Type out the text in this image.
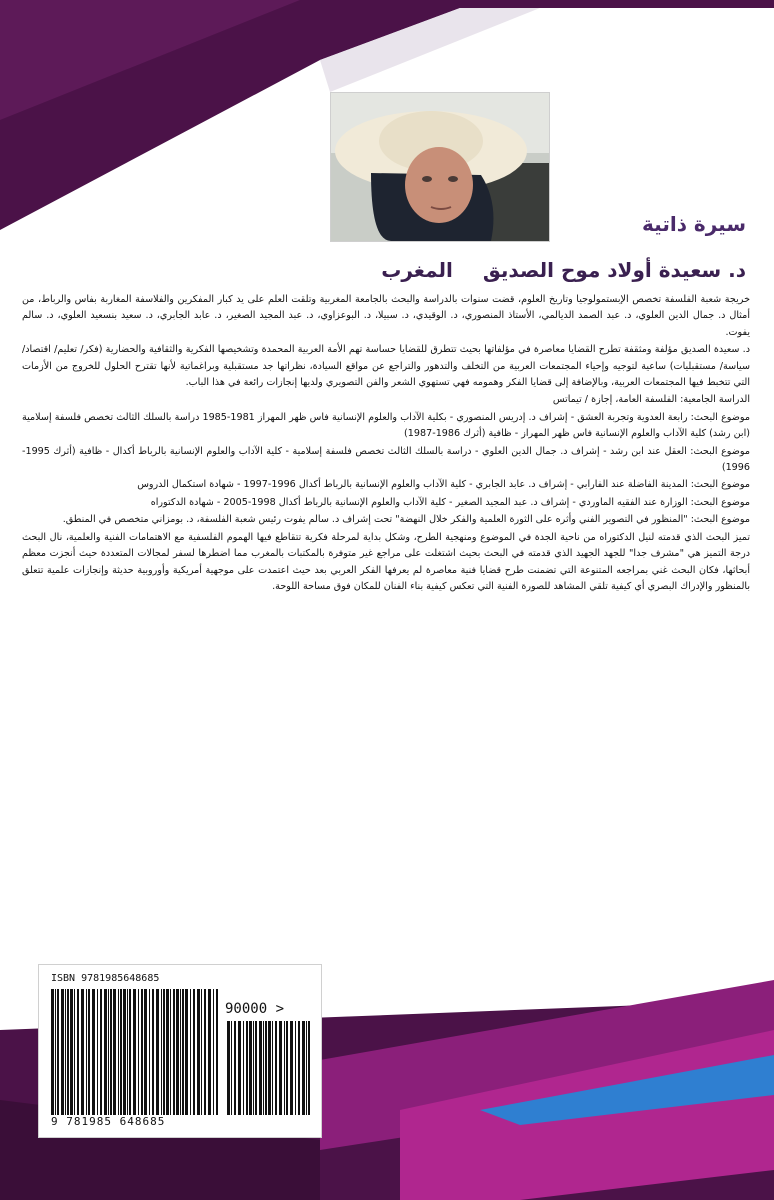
سيرة ذاتية
د. سعيدة أولاد موح الصديق
المغرب

خريجة شعبة الفلسفة تخصص الإبستمولوجيا وتاريخ العلوم، قضت سنوات بالدراسة والبحث بالجامعة المغربية وتلقت العلم على يد كبار المفكرين والفلاسفة المغاربة بفاس والرباط، من أمثال د. جمال الدين العلوي، د. عبد الصمد الديالمي، الأستاذ المنصوري، د. الوقيدي، د. سبيلا، د. البوعزاوي، د. عبد المجيد الصغير، د. عابد الجابري، د. سعيد بنسعيد العلوي، د. سالم يفوت.

د. سعيدة الصديق مؤلفة ومثقفة تطرح القضايا معاصرة في مؤلفاتها بحيث تتطرق للقضايا حساسة تهم الأمة العربية المحمدة وتشخيصها الفكرية والثقافية والحضارية (فكر/ تعليم/ اقتصاد/ سياسة/ مستقبليات) ساعية لتوجيه وإحياء المجتمعات العربية من التخلف والتدهور والتراجع عن مواقع السيادة، نظراتها جد مستقبلية وبراغماتية لأنها تقترح الحلول للخروج من الأزمات التي تتخبط فيها المجتمعات العربية، وبالإضافة إلى قضايا الفكر وهمومه فهي تستهوي الشعر والفن التصويري ولديها إنجازات رائعة في هذا الباب.

الدراسة الجامعية: الفلسفة العامة، إجازة / تيماتس

موضوع البحث: رابعة العدوية وتجربة العشق - إشراف د. إدريس المنصوري - بكلية الآداب والعلوم الإنسانية فاس ظهر المهراز 1981-1985 دراسة بالسلك الثالث تخصص فلسفة إسلامية (ابن رشد) كلية الآداب والعلوم الإنسانية فاس ظهر المهراز - ظافية (أثرك 1986-1987)

موضوع البحث: العقل عند ابن رشد - إشراف د. جمال الدين العلوي - دراسة بالسلك الثالث تخصص فلسفة إسلامية - كلية الآداب والعلوم الإنسانية بالرباط أكدال - ظافية (أثرك 1995-1996)

موضوع البحث: المدينة الفاضلة عند الفارابي - إشراف د. عابد الجابري - كلية الآداب والعلوم الإنسانية بالرباط أكدال 1996-1997 - شهادة استكمال الدروس

موضوع البحث: الوزارة عند الفقيه الماوردي - إشراف د. عبد المجيد الصغير - كلية الآداب والعلوم الإنسانية بالرباط أكدال 1998-2005 - شهادة الدكتوراه

موضوع البحث: "المنظور في التصوير الفني وأثره على الثورة العلمية والفكر خلال النهضة" تحت إشراف د. سالم يفوت رئيس شعبة الفلسفة، د. بومزاني متخصص في المنطق.

تميز البحث الذي قدمته لنيل الدكتوراه من ناحية الجدة في الموضوع ومنهجية الطرح، وشكل بداية لمرحلة فكرية تتقاطع فيها الهموم الفلسفية مع الاهتمامات الفنية والعلمية، نال البحث درجة التميز هي "مشرف جدا" للجهد الجهيد الذي قدمته في البحث بحيث اشتغلت على مراجع غير متوفرة بالمكتبات بالمغرب مما اضطرها لسفر لمجالات المتعددة حيث أنجزت معظم أبحاثها، فكان البحث غني بمراجعه المتنوعة التي تضمنت طرح قضايا فنية معاصرة لم يعرفها الفكر العربي بعد حيث اعتمدت على موجهية أمريكية وأوروبية حديثة وإنجازات علمية تتعلق بالمنظور والإدراك البصري أي كيفية تلقي المشاهد للصورة الفنية التي تعكس كيفية بناء الفنان للمكان فوق مساحة اللوحة.

ISBN 9781985648685
90000 >
9 781985 648685
